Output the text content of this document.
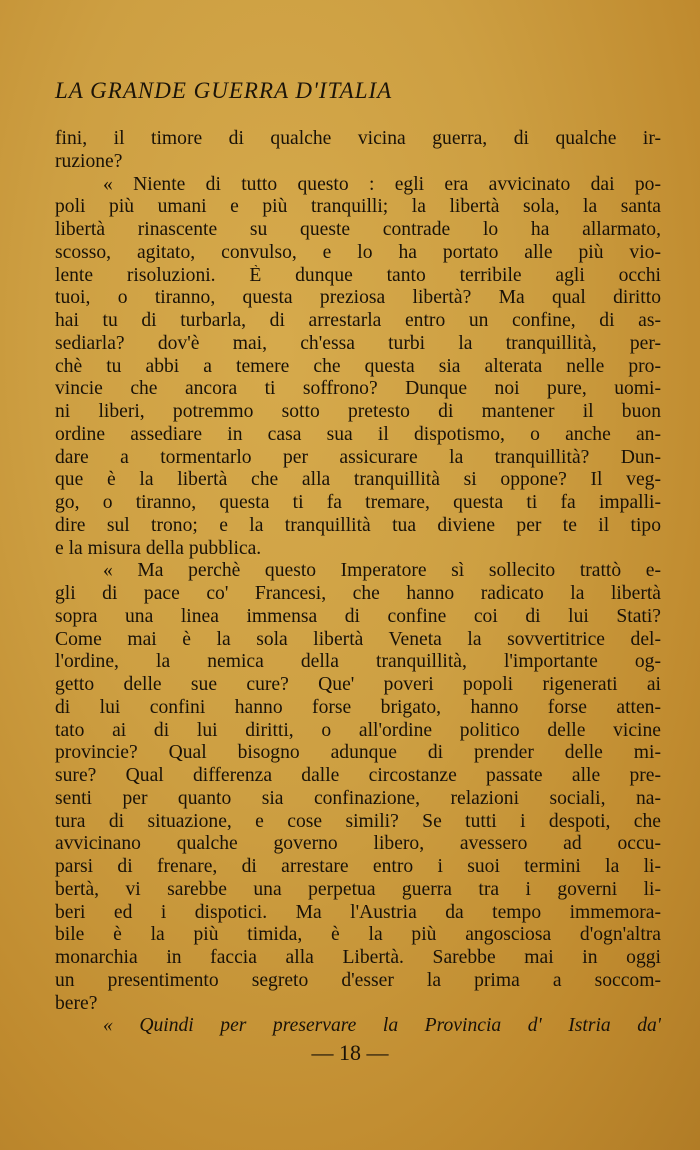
LA GRANDE GUERRA D'ITALIA
fini, il timore di qualche vicina guerra, di qualche ir-
ruzione?
« Niente di tutto questo : egli era avvicinato dai po-
poli più umani e più tranquilli; la libertà sola, la santa
libertà rinascente su queste contrade lo ha allarmato,
scosso, agitato, convulso, e lo ha portato alle più vio-
lente risoluzioni. È dunque tanto terribile agli occhi
tuoi, o tiranno, questa preziosa libertà? Ma qual diritto
hai tu di turbarla, di arrestarla entro un confine, di as-
sediarla? dov'è mai, ch'essa turbi la tranquillità, per-
chè tu abbi a temere che questa sia alterata nelle pro-
vincie che ancora ti soffrono? Dunque noi pure, uomi-
ni liberi, potremmo sotto pretesto di mantener il buon
ordine assediare in casa sua il dispotismo, o anche an-
dare a tormentarlo per assicurare la tranquillità? Dun-
que è la libertà che alla tranquillità si oppone? Il veg-
go, o tiranno, questa ti fa tremare, questa ti fa impalli-
dire sul trono; e la tranquillità tua diviene per te il tipo
e la misura della pubblica.
« Ma perchè questo Imperatore sì sollecito trattò e-
gli di pace co' Francesi, che hanno radicato la libertà
sopra una linea immensa di confine coi di lui Stati?
Come mai è la sola libertà Veneta la sovvertitrice del-
l'ordine, la nemica della tranquillità, l'importante og-
getto delle sue cure? Que' poveri popoli rigenerati ai
di lui confini hanno forse brigato, hanno forse atten-
tato ai di lui diritti, o all'ordine politico delle vicine
provincie? Qual bisogno adunque di prender delle mi-
sure? Qual differenza dalle circostanze passate alle pre-
senti per quanto sia confinazione, relazioni sociali, na-
tura di situazione, e cose simili? Se tutti i despoti, che
avvicinano qualche governo libero, avessero ad occu-
parsi di frenare, di arrestare entro i suoi termini la li-
bertà, vi sarebbe una perpetua guerra tra i governi li-
beri ed i dispotici. Ma l'Austria da tempo immemora-
bile è la più timida, è la più angosciosa d'ogn'altra
monarchia in faccia alla Libertà. Sarebbe mai in oggi
un presentimento segreto d'esser la prima a soccom-
bere?
« Quindi per preservare la Provincia d' Istria da'
— 18 —
